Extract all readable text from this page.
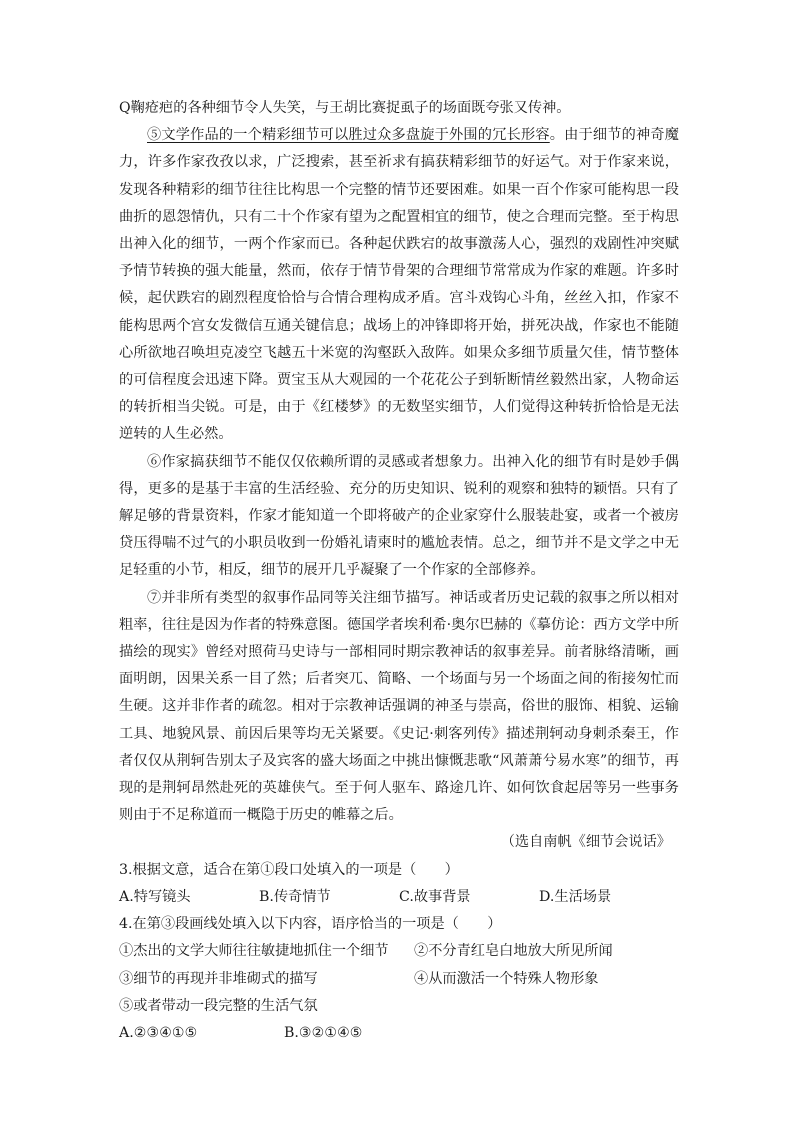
Q鞠疮疤的各种细节令人失笑，与王胡比赛捉虱子的场面既夸张又传神。

⑤文学作品的一个精彩细节可以胜过众多盘旋于外围的冗长形容。由于细节的神奇魔力，许多作家孜孜以求，广泛搜索，甚至祈求有搞获精彩细节的好运气。对于作家来说，发现各种精彩的细节往往比构思一个完整的情节还要困难。如果一百个作家可能构思一段曲折的恩怨情仇，只有二十个作家有望为之配置相宜的细节，使之合理而完整。至于构思出神入化的细节，一两个作家而已。各种起伏跌宕的故事激荡人心，强烈的戏剧性冲突赋予情节转换的强大能量，然而，依存于情节骨架的合理细节常常成为作家的难题。许多时候，起伏跌宕的剧烈程度恰恰与合情合理构成矛盾。宫斗戏钩心斗角，丝丝入扣，作家不能构思两个宫女发微信互通关键信息；战场上的冲锋即将开始，拼死决战，作家也不能随心所欲地召唤坦克凌空飞越五十米宽的沟壑跃入敌阵。如果众多细节质量欠佳，情节整体的可信程度会迅速下降。贾宝玉从大观园的一个花花公子到斩断情丝毅然出家，人物命运的转折相当尖锐。可是，由于《红楼梦》的无数坚实细节，人们觉得这种转折恰恰是无法逆转的人生必然。

⑥作家搞获细节不能仅仅依赖所谓的灵感或者想象力。出神入化的细节有时是妙手偶得，更多的是基于丰富的生活经验、充分的历史知识、锐利的观察和独特的颖悟。只有了解足够的背景资料，作家才能知道一个即将破产的企业家穿什么服装赴宴，或者一个被房贷压得喘不过气的小职员收到一份婚礼请柬时的尴尬表情。总之，细节并不是文学之中无足轻重的小节，相反，细节的展开几乎凝聚了一个作家的全部修养。

⑦并非所有类型的叙事作品同等关注细节描写。神话或者历史记载的叙事之所以相对粗率，往往是因为作者的特殊意图。德国学者埃利希·奥尔巴赫的《摹仿论：西方文学中所描绘的现实》曾经对照荷马史诗与一部相同时期宗教神话的叙事差异。前者脉络清晰，画面明朗，因果关系一目了然；后者突兀、简略、一个场面与另一个场面之间的衔接匆忙而生硬。这并非作者的疏忽。相对于宗教神话强调的神圣与崇高，俗世的服饰、相貌、运输工具、地貌风景、前因后果等均无关紧要。《史记·刺客列传》描述荆轲动身刺杀秦王，作者仅仅从荆轲告别太子及宾客的盛大场面之中挑出慷慨悲歌“风萧萧兮易水寒”的细节，再现的是荆轲昂然赴死的英雄侠气。至于何人驱车、路途几许、如何饮食起居等另一些事务则由于不足称道而一概隐于历史的帷幕之后。

（选自南帆《细节会说话》

3.根据文意，适合在第①段口处填入的一项是（　　）

A.特写镜头	B.传奇情节	C.故事背景	D.生活场景

4.在第③段画线处填入以下内容，语序恰当的一项是（　　）

①杰出的文学大师往往敏捷地抓住一个细节	②不分青红皂白地放大所见所闻
③细节的再现并非堆砌式的描写	④从而激活一个特殊人物形象
⑤或者带动一段完整的生活气氛
A.②③④①⑤	B.③②①④⑤
